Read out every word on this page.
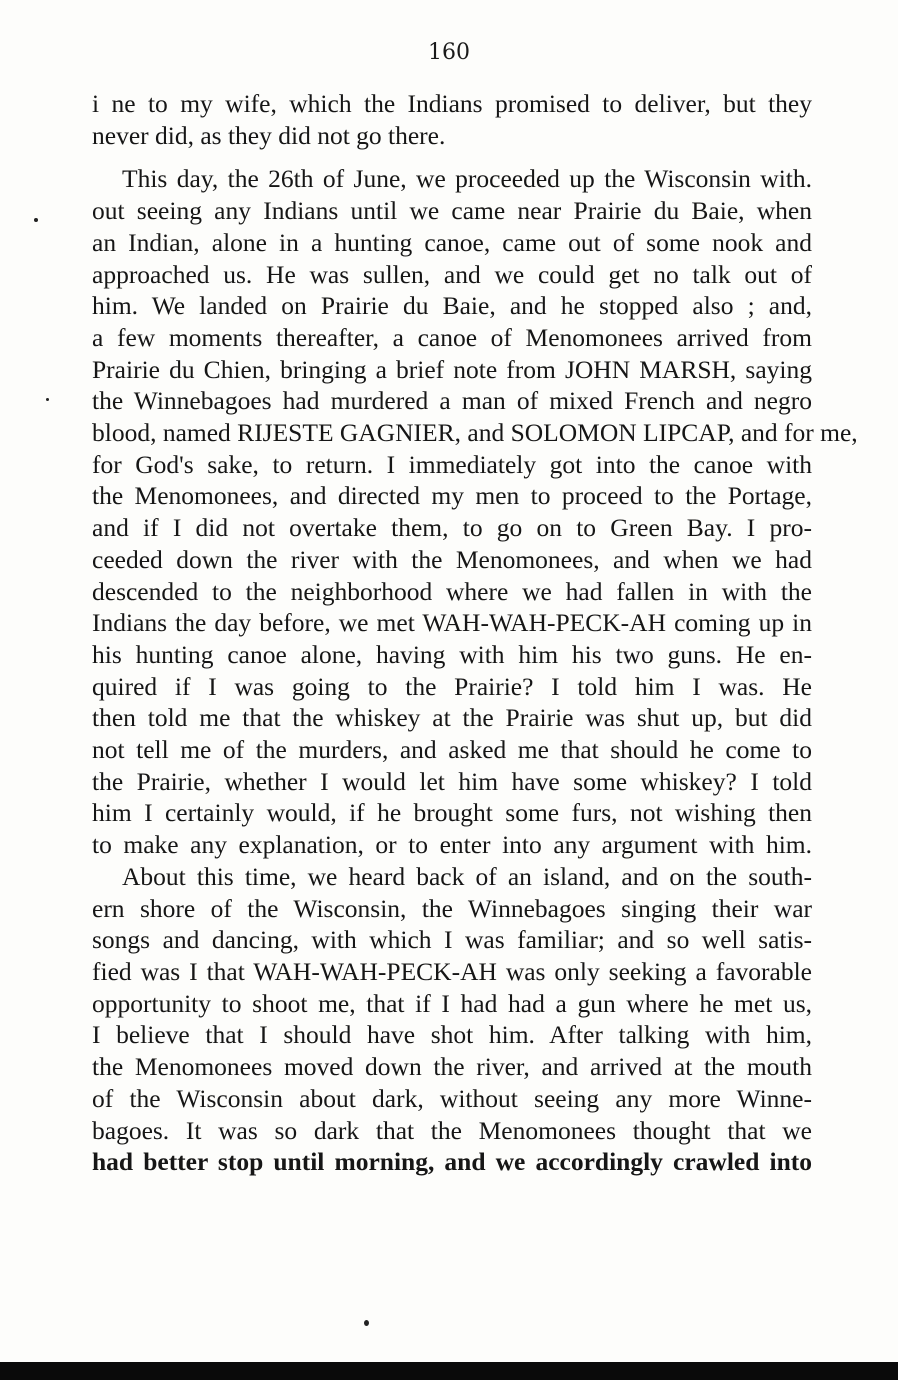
160
i ne to my wife, which the Indians promised to deliver, but they
never did, as they did not go there.
This day, the 26th of June, we proceeded up the Wisconsin with.
out seeing any Indians until we came near Prairie du Baie, when
an Indian, alone in a hunting canoe, came out of some nook and
approached us. He was sullen, and we could get no talk out of
him. We landed on Prairie du Baie, and he stopped also ; and,
a few moments thereafter, a canoe of Menomonees arrived from
Prairie du Chien, bringing a brief note from JOHN MARSH, saying
the Winnebagoes had murdered a man of mixed French and negro
blood, named RIJESTE GAGNIER, and SOLOMON LIPCAP, and for me,
for God's sake, to return. I immediately got into the canoe with
the Menomonees, and directed my men to proceed to the Portage,
and if I did not overtake them, to go on to Green Bay. I pro-
ceeded down the river with the Menomonees, and when we had
descended to the neighborhood where we had fallen in with the
Indians the day before, we met WAH-WAH-PECK-AH coming up in
his hunting canoe alone, having with him his two guns. He en-
quired if I was going to the Prairie? I told him I was. He
then told me that the whiskey at the Prairie was shut up, but did
not tell me of the murders, and asked me that should he come to
the Prairie, whether I would let him have some whiskey? I told
him I certainly would, if he brought some furs, not wishing then
to make any explanation, or to enter into any argument with him.
About this time, we heard back of an island, and on the south-
ern shore of the Wisconsin, the Winnebagoes singing their war
songs and dancing, with which I was familiar; and so well satis-
fied was I that WAH-WAH-PECK-AH was only seeking a favorable
opportunity to shoot me, that if I had had a gun where he met us,
I believe that I should have shot him. After talking with him,
the Menomonees moved down the river, and arrived at the mouth
of the Wisconsin about dark, without seeing any more Winne-
bagoes. It was so dark that the Menomonees thought that we
had better stop until morning, and we accordingly crawled into
